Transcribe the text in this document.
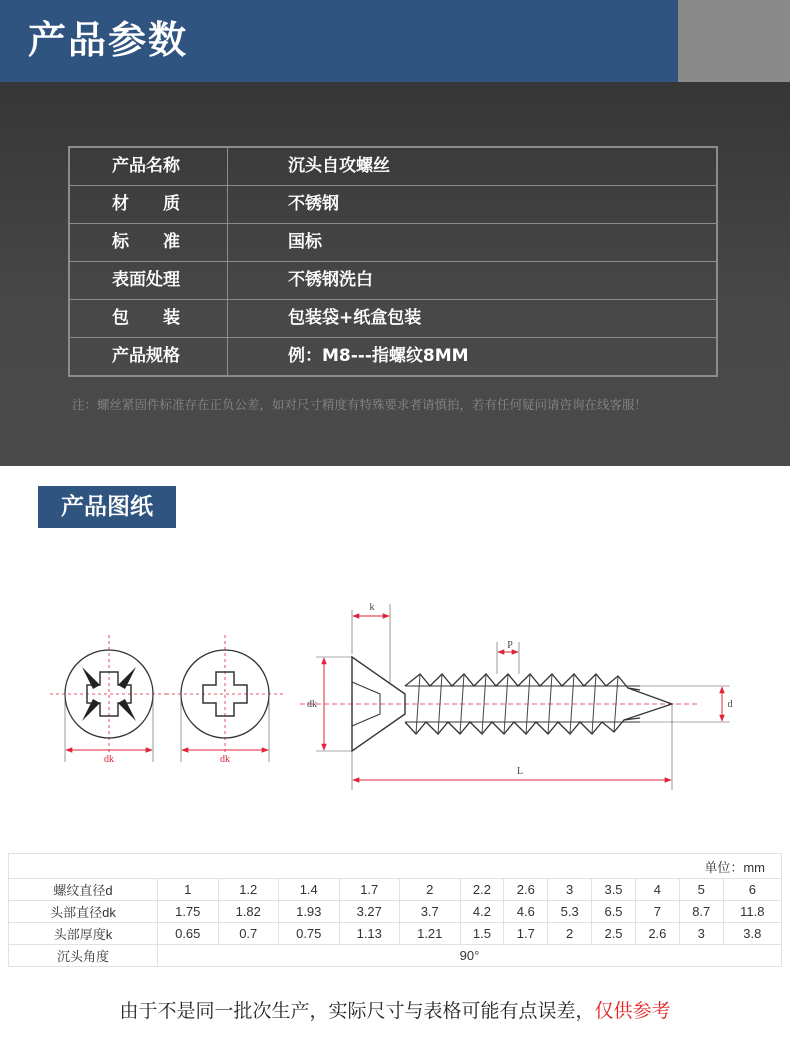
产品参数
产品名称	沉头自攻螺丝
材　　质	不锈钢
标　　准	国标
表面处理	不锈钢洗白
包　　装	包装袋+纸盒包装
产品规格	例：M8---指螺纹8MM
注：螺丝紧固件标准存在正负公差，如对尺寸精度有特殊要求者请慎拍，若有任何疑问请咨询在线客服！
产品图纸
dk	dk
k
P
dk
L
d
单位：mm												
螺纹直径d	1	1.2	1.4	1.7	2	2.2	2.6	3	3.5	4	5	6
头部直径dk	1.75	1.82	1.93	3.27	3.7	4.2	4.6	5.3	6.5	7	8.7	11.8
头部厚度k	0.65	0.7	0.75	1.13	1.21	1.5	1.7	2	2.5	2.6	3	3.8
沉头角度	90°											
由于不是同一批次生产，实际尺寸与表格可能有点误差，仅供参考
